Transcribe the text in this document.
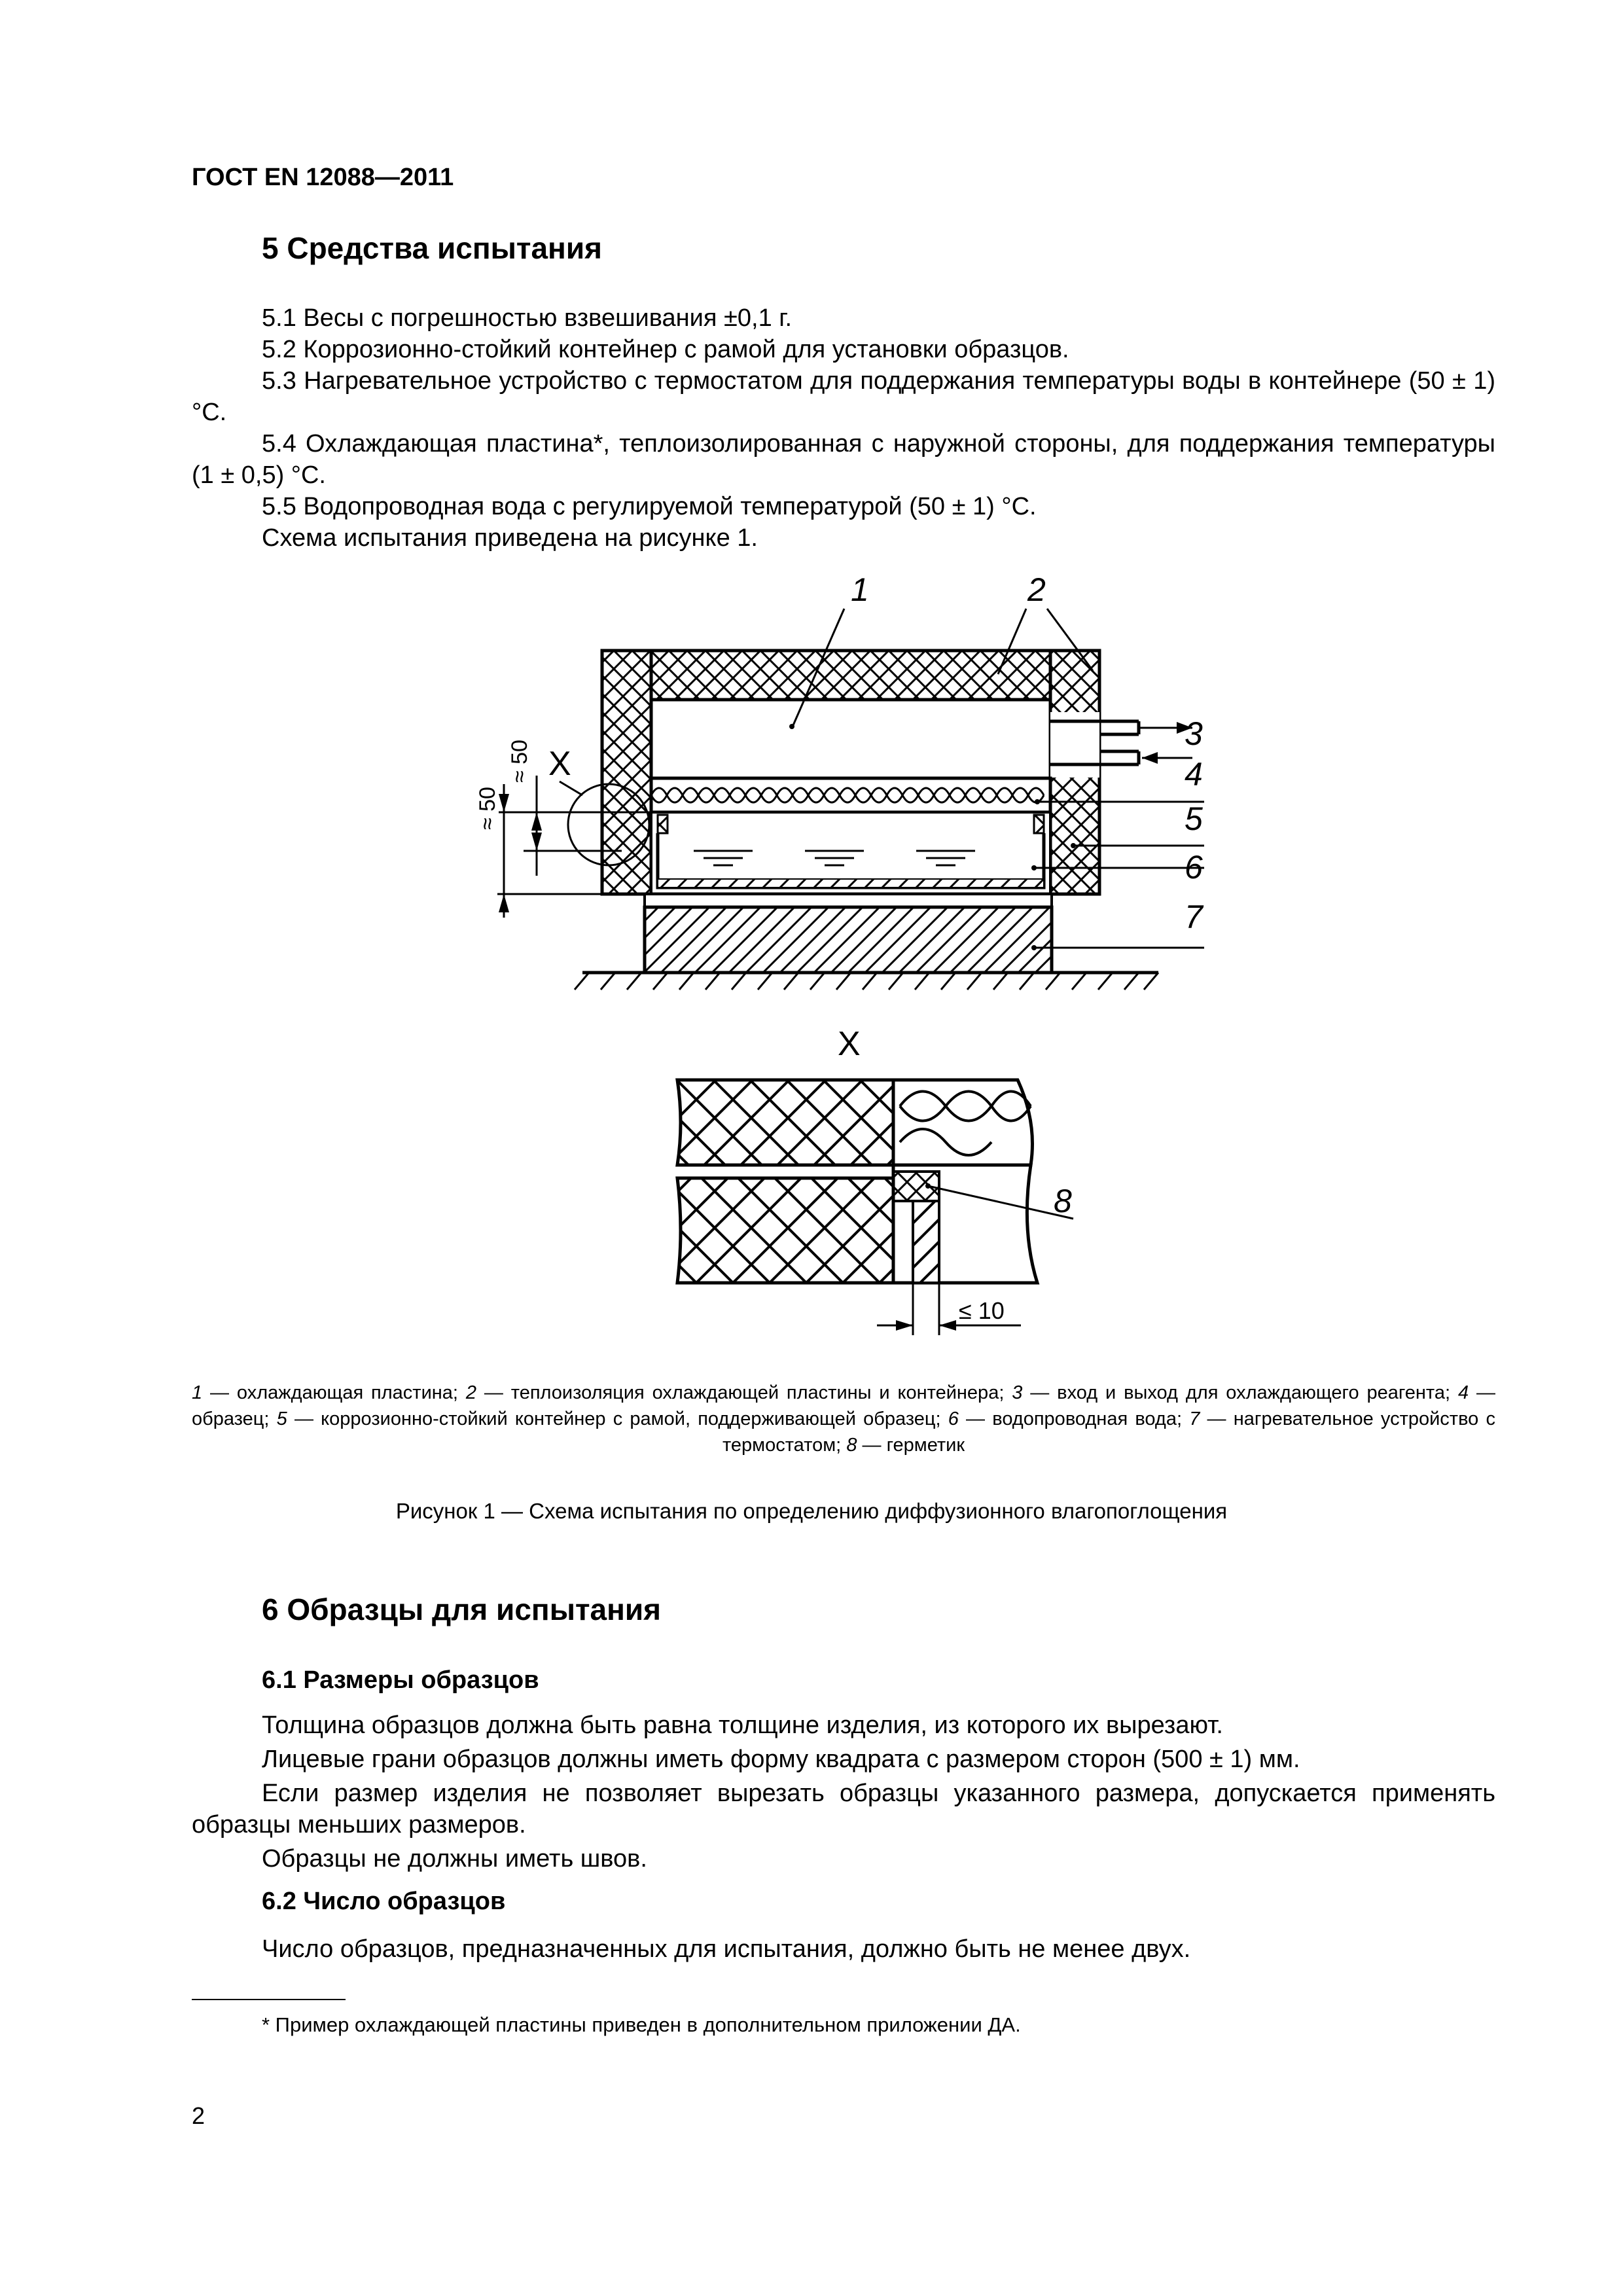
ГОСТ EN 12088—2011
5 Средства испытания
5.1 Весы с погрешностью взвешивания ±0,1 г.
5.2 Коррозионно-стойкий контейнер с рамой для установки образцов.
5.3 Нагревательное устройство с термостатом для поддержания температуры воды в контейнере (50 ± 1) °С.
5.4 Охлаждающая пластина*, теплоизолированная с наружной стороны, для поддержания температуры (1 ± 0,5) °С.
5.5 Водопроводная вода с регулируемой температурой (50 ± 1) °С.
Схема испытания приведена на рисунке 1.
X
≈ 50
≈ 50
1	2
3
4
5
6
7
X
8
≤ 10
1 — охлаждающая пластина; 2 — теплоизоляция охлаждающей пластины и контейнера; 3 — вход и выход для охлаждающего реагента; 4 — образец; 5 — коррозионно-стойкий контейнер с рамой, поддерживающей образец; 6 — водопроводная вода; 7 — нагревательное устройство с термостатом; 8 — герметик
Рисунок 1 — Схема испытания по определению диффузионного влагопоглощения
6 Образцы для испытания
6.1 Размеры образцов
Толщина образцов должна быть равна толщине изделия, из которого их вырезают.
Лицевые грани образцов должны иметь форму квадрата с размером сторон (500 ± 1) мм.
Если размер изделия не позволяет вырезать образцы указанного размера, допускается применять образцы меньших размеров.
Образцы не должны иметь швов.
6.2 Число образцов
Число образцов, предназначенных для испытания, должно быть не менее двух.
* Пример охлаждающей пластины приведен в дополнительном приложении ДА.
2
